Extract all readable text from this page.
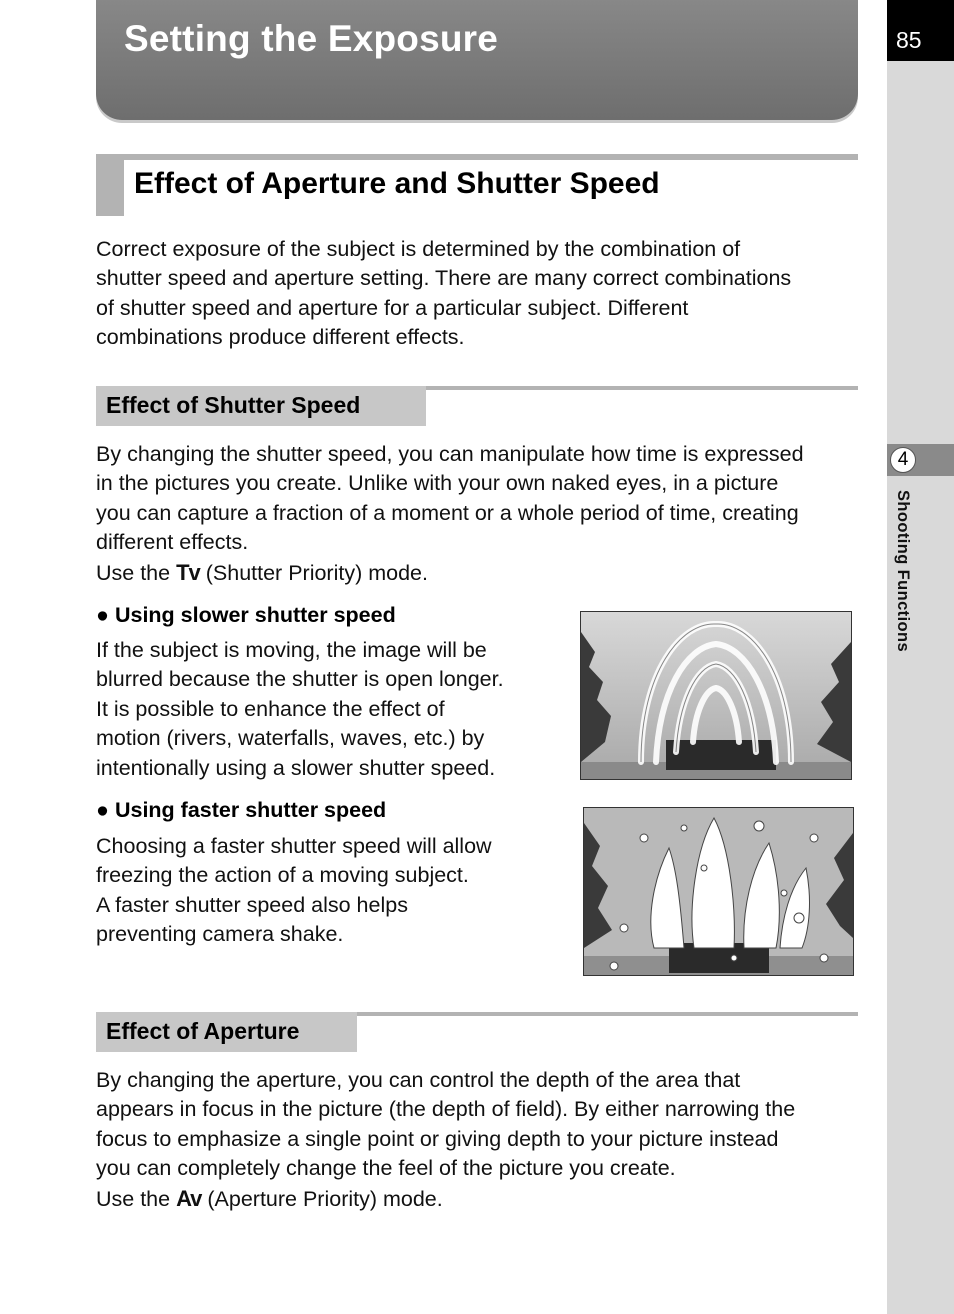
Setting the Exposure	85
4
Shooting Functions
Effect of Aperture and Shutter Speed

Correct exposure of the subject is determined by the combination of

shutter speed and aperture setting. There are many correct combinations

of shutter speed and aperture for a particular subject. Different

combinations produce different effects.

Effect of Shutter Speed

By changing the shutter speed, you can manipulate how time is expressed

in the pictures you create. Unlike with your own naked eyes, in a picture

you can capture a fraction of a moment or a whole period of time, creating

different effects.

Use the Tv (Shutter Priority) mode.

● Using slower shutter speed

If the subject is moving, the image will be

blurred because the shutter is open longer.

It is possible to enhance the effect of

motion (rivers, waterfalls, waves, etc.) by

intentionally using a slower shutter speed.

● Using faster shutter speed

Choosing a faster shutter speed will allow

freezing the action of a moving subject.

A faster shutter speed also helps

preventing camera shake.

Effect of Aperture

By changing the aperture, you can control the depth of the area that

appears in focus in the picture (the depth of field). By either narrowing the

focus to emphasize a single point or giving depth to your picture instead

you can completely change the feel of the picture you create.

Use the Av (Aperture Priority) mode.
